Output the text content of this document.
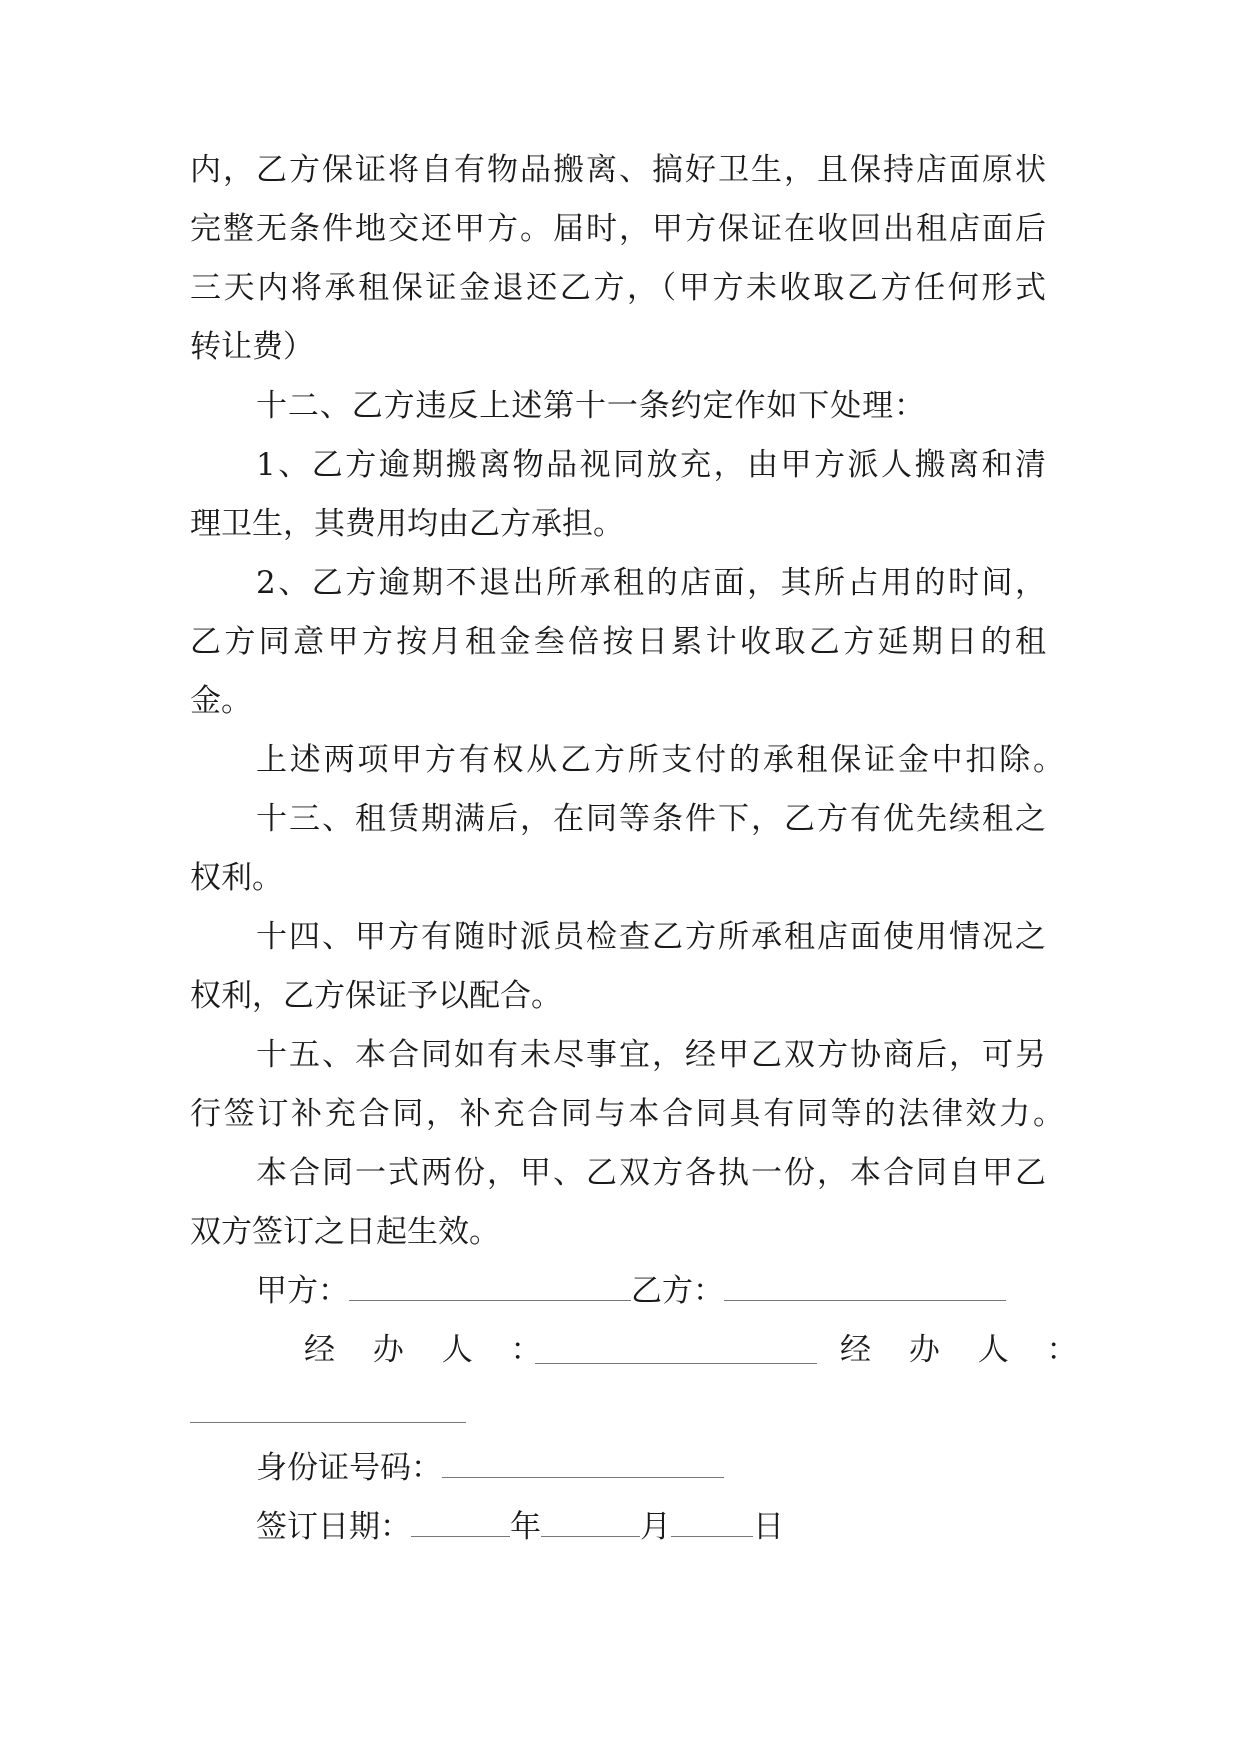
内，乙方保证将自有物品搬离、搞好卫生，且保持店面原状

完整无条件地交还甲方。届时，甲方保证在收回出租店面后

三天内将承租保证金退还乙方，（甲方未收取乙方任何形式

转让费）

十二、乙方违反上述第十一条约定作如下处理：

1、乙方逾期搬离物品视同放充，由甲方派人搬离和清

理卫生，其费用均由乙方承担。

2、乙方逾期不退出所承租的店面，其所占用的时间，

乙方同意甲方按月租金叁倍按日累计收取乙方延期日的租

金。

上述两项甲方有权从乙方所支付的承租保证金中扣除。

十三、租赁期满后，在同等条件下，乙方有优先续租之

权利。

十四、甲方有随时派员检查乙方所承租店面使用情况之

权利，乙方保证予以配合。

十五、本合同如有未尽事宜，经甲乙双方协商后，可另

行签订补充合同，补充合同与本合同具有同等的法律效力。

本合同一式两份，甲、乙双方各执一份，本合同自甲乙

双方签订之日起生效。

甲方：	乙方：

经 办 人 ：	经 办 人 ：

身份证号码：

签订日期：	年	月	日
